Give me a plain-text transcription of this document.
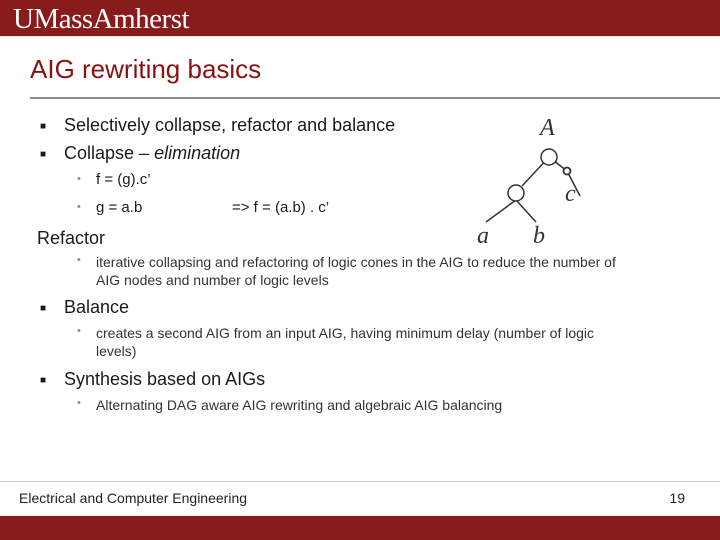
UMassAmherst
AIG rewriting basics
■ Selectively collapse, refactor and balance
■ Collapse – elimination
• f = (g).c’
• g = a.b	=> f = (a.b) . c’
Refactor
• iterative collapsing and refactoring of logic cones in the AIG to reduce the number of AIG nodes and number of logic levels
■ Balance
• creates a second AIG from an input AIG, having minimum delay (number of logic levels)
■ Synthesis based on AIGs
• Alternating DAG aware AIG rewriting and algebraic AIG balancing
A
c
a b
Electrical and Computer Engineering	19
